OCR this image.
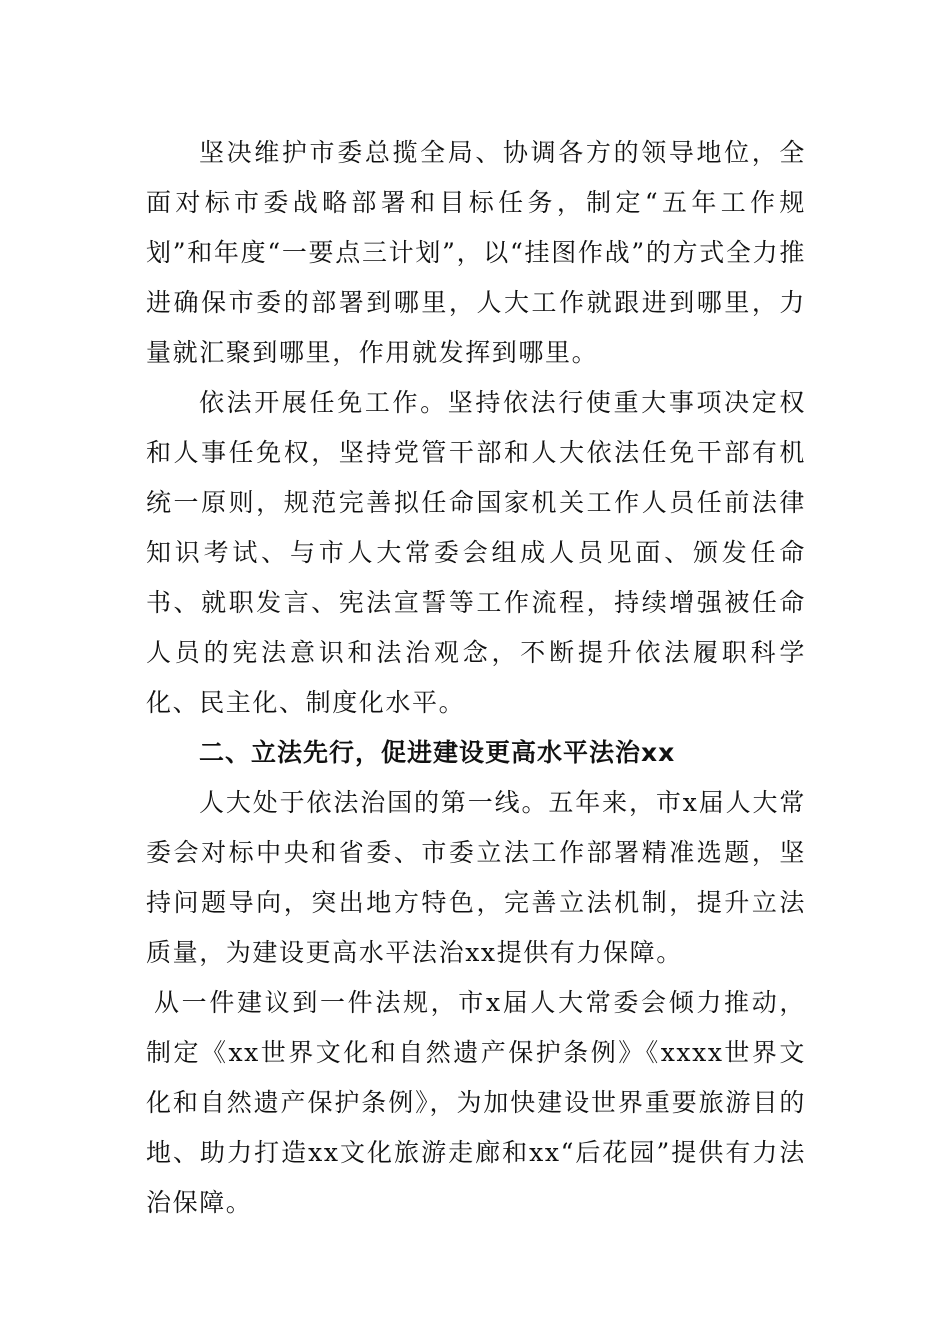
坚决维护市委总揽全局、协调各方的领导地位，全面对标市委战略部署和目标任务，制定“五年工作规划”和年度“一要点三计划”，以“挂图作战”的方式全力推进确保市委的部署到哪里，人大工作就跟进到哪里，力量就汇聚到哪里，作用就发挥到哪里。

依法开展任免工作。坚持依法行使重大事项决定权和人事任免权，坚持党管干部和人大依法任免干部有机统一原则，规范完善拟任命国家机关工作人员任前法律知识考试、与市人大常委会组成人员见面、颁发任命书、就职发言、宪法宣誓等工作流程，持续增强被任命人员的宪法意识和法治观念，不断提升依法履职科学化、民主化、制度化水平。

二、立法先行，促进建设更高水平法治xx

人大处于依法治国的第一线。五年来，市x届人大常委会对标中央和省委、市委立法工作部署精准选题，坚持问题导向，突出地方特色，完善立法机制，提升立法质量，为建设更高水平法治xx提供有力保障。

从一件建议到一件法规，市x届人大常委会倾力推动，制定《xx世界文化和自然遗产保护条例》《xxxx世界文化和自然遗产保护条例》，为加快建设世界重要旅游目的地、助力打造xx文化旅游走廊和xx“后花园”提供有力法治保障。
